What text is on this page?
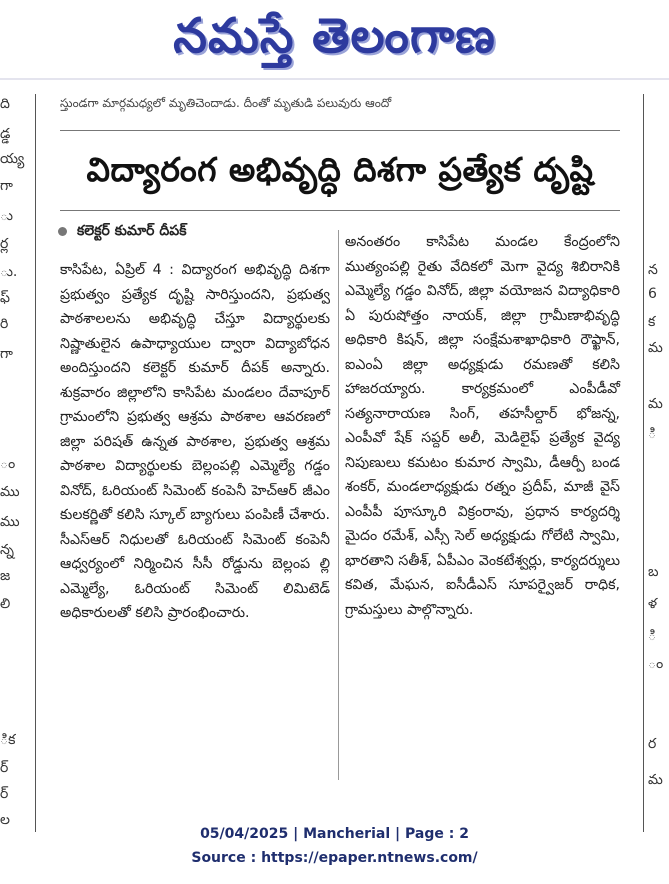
నమస్తే తెలంగాణ
స్తుండగా మార్గమధ్యలో మృతిచెందాడు. దీంతో మృతుడి పలువురు ఆందో
ది
డ్డ
య్య
గా
ు
ర్ల
ు.
ఫ్
రి
గా
ం
ము
ము
న్న
జ
లి
ిక
ర్
ర్
ల
న
6
క
మ
మ
ి
బ
ళ
ి
ం
ర
మ
విద్యారంగ అభివృద్ధి దిశగా ప్రత్యేక దృష్టి
కలెక్టర్ కుమార్ దీపక్

కాసిపేట, ఏప్రిల్ 4 : విద్యారంగ అభివృద్ధి దిశగా ప్రభుత్వం ప్రత్యేక దృష్టి సారిస్తుందని, ప్రభుత్వ పాఠశాలలను అభివృద్ధి చేస్తూ విద్యార్థులకు నిష్ణాతులైన ఉపాధ్యాయుల ద్వారా విద్యాబోధన అందిస్తుందని కలెక్టర్ కుమార్ దీపక్ అన్నారు. శుక్రవారం జిల్లాలోని కాసిపేట మండలం దేవాపూర్ గ్రామంలోని ప్రభుత్వ ఆశ్రమ పాఠశాల ఆవరణలో జిల్లా పరిషత్ ఉన్నత పాఠశాల, ప్రభుత్వ ఆశ్రమ పాఠశాల విద్యార్థులకు బెల్లంపల్లి ఎమ్మెల్యే గడ్డం వినోద్, ఓరియంట్ సిమెంట్ కంపెనీ హెచ్ఆర్ జీఎం కులకర్ణితో కలిసి స్కూల్ బ్యాగులు పంపిణీ చేశారు. సీఎస్ఆర్ నిధులతో ఓరియంట్ సిమెంట్ కంపెనీ ఆధ్వర్యంలో నిర్మించిన సీసీ రోడ్డును బెల్లంప ల్లి ఎమ్మెల్యే, ఓరియంట్ సిమెంట్ లిమిటెడ్ అధికారులతో కలిసి ప్రారంభించారు.

అనంతరం కాసిపేట మండల కేంద్రంలోని ముత్యంపల్లి రైతు వేదికలో మెగా వైద్య శిబిరానికి ఎమ్మెల్యే గడ్డం వినోద్, జిల్లా వయోజన విద్యాధికారి ఏ పురుషోత్తం నాయక్, జిల్లా గ్రామీణాభివృద్ధి అధికారి కిషన్, జిల్లా సంక్షేమశాఖాధికారి రౌఫ్ఖాన్, ఐఎంఏ జిల్లా అధ్యక్షుడు రమణతో కలిసి హాజరయ్యారు. కార్యక్రమంలో ఎంపీడీవో సత్యనారాయణ సింగ్, తహసీల్దార్ భోజన్న, ఎంపీవో షేక్ సప్దర్ అలీ, మెడిలైఫ్ ప్రత్యేక వైద్య నిపుణులు కమటం కుమార స్వామి, డీఆర్పీ బండ శంకర్, మండలాధ్యక్షుడు రత్నం ప్రదీప్, మాజీ వైస్ ఎంపీపీ పూస్కూరి విక్రంరావు, ప్రధాన కార్యదర్శి మైదం రమేశ్, ఎస్సీ సెల్ అధ్యక్షుడు గోలేటి స్వామి, భారతాని సతీశ్, ఏపీఎం వెంకటేశ్వర్లు, కార్యదర్శులు కవిత, మేఘన, ఐసీడీఎస్ సూపర్వైజర్ రాధిక, గ్రామస్తులు పాల్గొన్నారు.

05/04/2025 | Mancherial | Page : 2
Source : https://epaper.ntnews.com/
